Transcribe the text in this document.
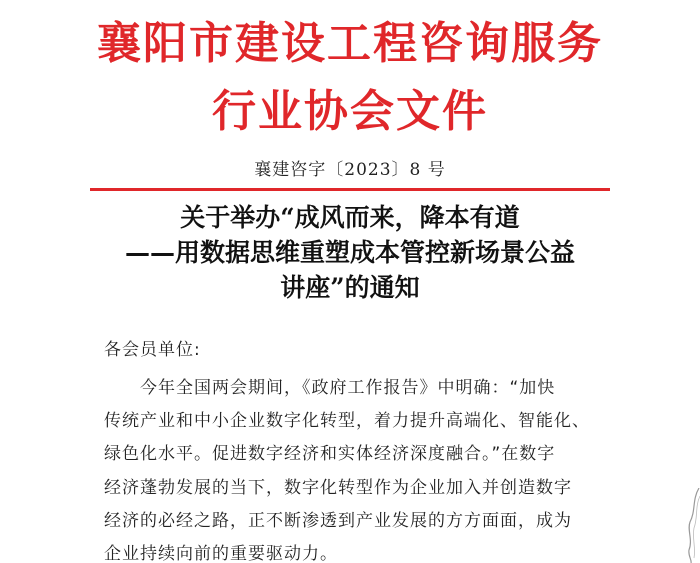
襄阳市建设工程咨询服务
行业协会文件
襄建咨字〔2023〕8 号
关于举办“成风而来，降本有道
——用数据思维重塑成本管控新场景公益
讲座”的通知
各会员单位:
今年全国两会期间，《政府工作报告》中明确：“加快
传统产业和中小企业数字化转型，着力提升高端化、智能化、
绿色化水平。促进数字经济和实体经济深度融合。”在数字
经济蓬勃发展的当下，数字化转型作为企业加入并创造数字
经济的必经之路，正不断渗透到产业发展的方方面面，成为
企业持续向前的重要驱动力。
